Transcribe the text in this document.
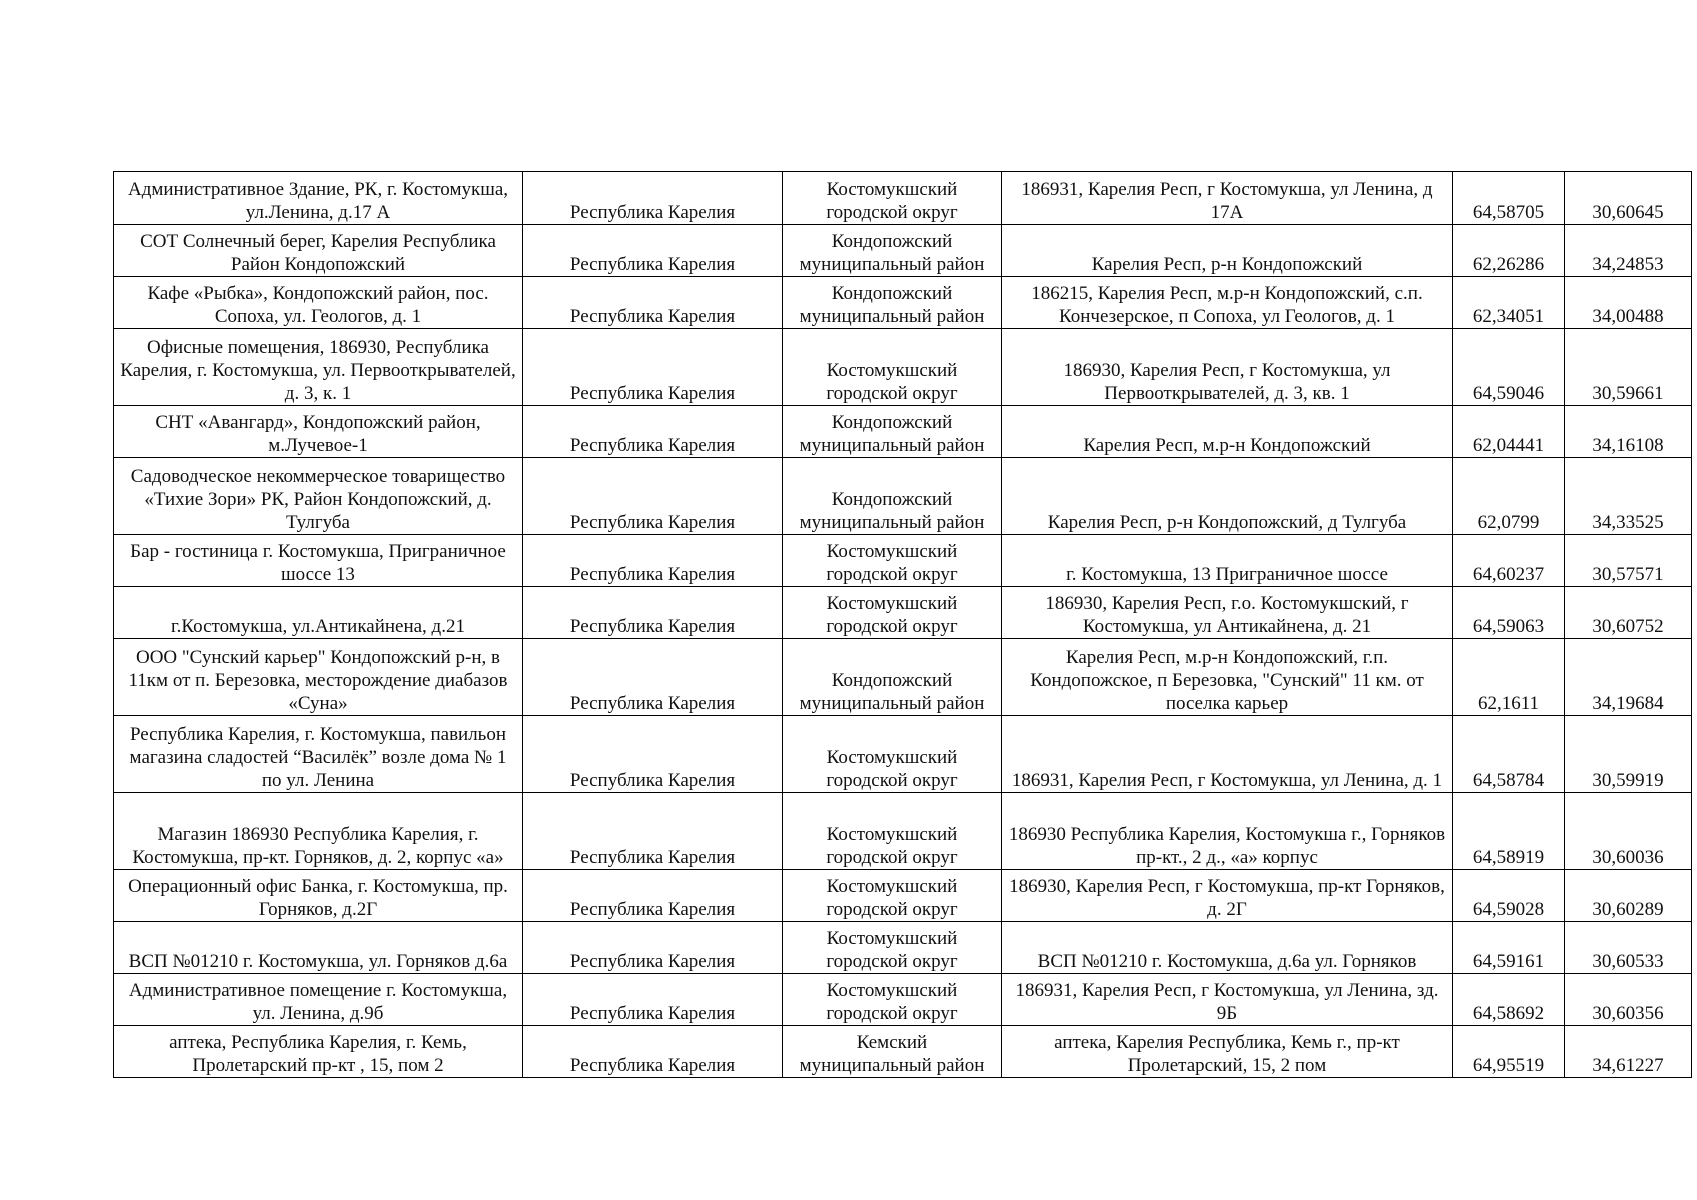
Административное Здание, РК, г. Костомукша, ул.Ленина, д.17 А	Республика Карелия	Костомукшский городской округ	186931, Карелия Респ, г Костомукша, ул Ленина, д 17А	64,58705	30,60645
СОТ Солнечный берег, Карелия Республика Район Кондопожский	Республика Карелия	Кондопожский муниципальный район	Карелия Респ, р-н Кондопожский	62,26286	34,24853
Кафе «Рыбка», Кондопожский район, пос. Сопоха, ул. Геологов, д. 1	Республика Карелия	Кондопожский муниципальный район	186215, Карелия Респ, м.р-н Кондопожский, с.п. Кончезерское, п Сопоха, ул Геологов, д. 1	62,34051	34,00488
Офисные помещения, 186930, Республика Карелия, г. Костомукша, ул. Первооткрывателей, д. 3, к. 1	Республика Карелия	Костомукшский городской округ	186930, Карелия Респ, г Костомукша, ул Первооткрывателей, д. 3, кв. 1	64,59046	30,59661
СНТ «Авангард», Кондопожский район, м.Лучевое-1	Республика Карелия	Кондопожский муниципальный район	Карелия Респ, м.р-н Кондопожский	62,04441	34,16108
Садоводческое некоммерческое товарищество «Тихие Зори» РК, Район Кондопожский, д. Тулгуба	Республика Карелия	Кондопожский муниципальный район	Карелия Респ, р-н Кондопожский, д Тулгуба	62,0799	34,33525
Бар - гостиница г. Костомукша, Приграничное шоссе 13	Республика Карелия	Костомукшский городской округ	г. Костомукша, 13 Приграничное шоссе	64,60237	30,57571
г.Костомукша, ул.Антикайнена, д.21	Республика Карелия	Костомукшский городской округ	186930, Карелия Респ, г.о. Костомукшский, г Костомукша, ул Антикайнена, д. 21	64,59063	30,60752
ООО "Сунский карьер" Кондопожский р-н, в 11км от п. Березовка, месторождение диабазов «Суна»	Республика Карелия	Кондопожский муниципальный район	Карелия Респ, м.р-н Кондопожский, г.п. Кондопожское, п Березовка, "Сунский" 11 км. от поселка карьер	62,1611	34,19684
Республика Карелия, г. Костомукша, павильон магазина сладостей “Василёк” возле дома № 1 по ул. Ленина	Республика Карелия	Костомукшский городской округ	186931, Карелия Респ, г Костомукша, ул Ленина, д. 1	64,58784	30,59919
Магазин 186930 Республика Карелия, г. Костомукша, пр-кт. Горняков, д. 2, корпус «а»	Республика Карелия	Костомукшский городской округ	186930 Республика Карелия, Костомукша г., Горняков пр-кт., 2 д., «а» корпус	64,58919	30,60036
Операционный офис Банка, г. Костомукша, пр. Горняков, д.2Г	Республика Карелия	Костомукшский городской округ	186930, Карелия Респ, г Костомукша, пр-кт Горняков, д. 2Г	64,59028	30,60289
ВСП №01210 г. Костомукша, ул. Горняков д.6а	Республика Карелия	Костомукшский городской округ	ВСП №01210 г. Костомукша, д.6а ул. Горняков	64,59161	30,60533
Административное помещение г. Костомукша, ул. Ленина, д.9б	Республика Карелия	Костомукшский городской округ	186931, Карелия Респ, г Костомукша, ул Ленина, зд. 9Б	64,58692	30,60356
аптека, Республика Карелия, г. Кемь, Пролетарский пр-кт , 15, пом 2	Республика Карелия	Кемский муниципальный район	аптека, Карелия Республика, Кемь г., пр-кт Пролетарский, 15, 2 пом	64,95519	34,61227
